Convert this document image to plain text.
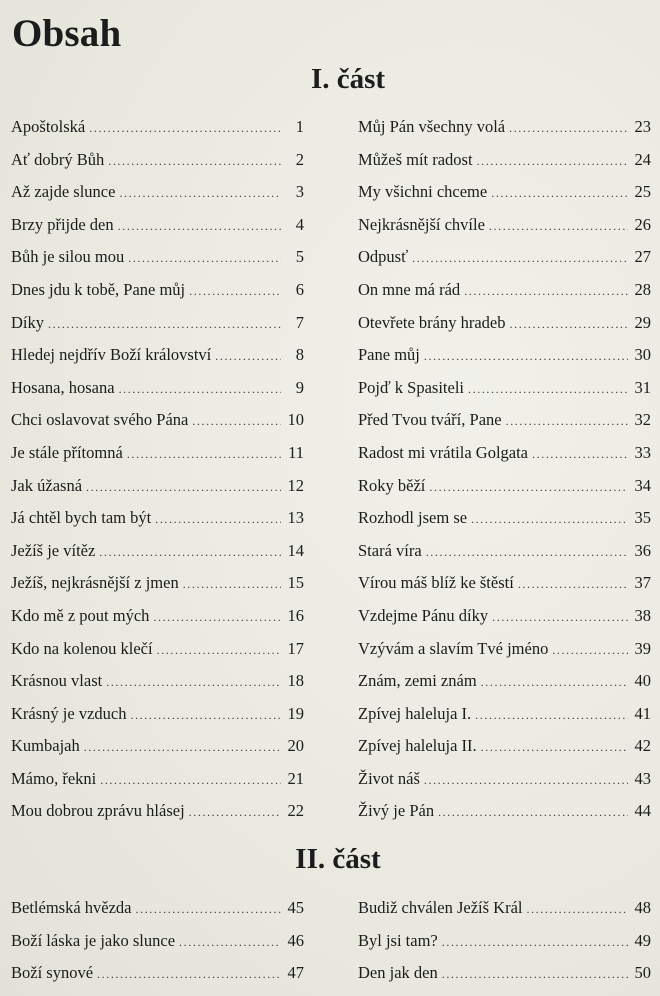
Obsah
I. část
Apoštolská .....	1
Ať dobrý Bůh .....	2
Až zajde slunce .....	3
Brzy přijde den .....	4
Bůh je silou mou .....	5
Dnes jdu k tobě, Pane můj .....	6
Díky .....	7
Hledej nejdřív Boží království .....	8
Hosana, hosana .....	9
Chci oslavovat svého Pána .....	10
Je stále přítomná .....	11
Jak úžasná .....	12
Já chtěl bych tam být .....	13
Ježíš je vítěz .....	14
Ježíš, nejkrásnější z jmen .....	15
Kdo mě z pout mých .....	16
Kdo na kolenou klečí .....	17
Krásnou vlast .....	18
Krásný je vzduch .....	19
Kumbajah .....	20
Mámo, řekni .....	21
Mou dobrou zprávu hlásej .....	22
Můj Pán všechny volá .....	23
Můžeš mít radost .....	24
My všichni chceme .....	25
Nejkrásnější chvíle .....	26
Odpusť .....	27
On mne má rád .....	28
Otevřete brány hradeb .....	29
Pane můj .....	30
Pojď k Spasiteli .....	31
Před Tvou tváří, Pane .....	32
Radost mi vrátila Golgata .....	33
Roky běží .....	34
Rozhodl jsem se .....	35
Stará víra .....	36
Vírou máš blíž ke štěstí .....	37
Vzdejme Pánu díky .....	38
Vzývám a slavím Tvé jméno .....	39
Znám, zemi znám .....	40
Zpívej haleluja I. .....	41
Zpívej haleluja II. .....	42
Život náš .....	43
Živý je Pán .....	44
II. část
Betlémská hvězda .....	45
Boží láska je jako slunce .....	46
Boží synové .....	47
Budiž chválen Ježíš Král .....	48
Byl jsi tam? .....	49
Den jak den .....	50
